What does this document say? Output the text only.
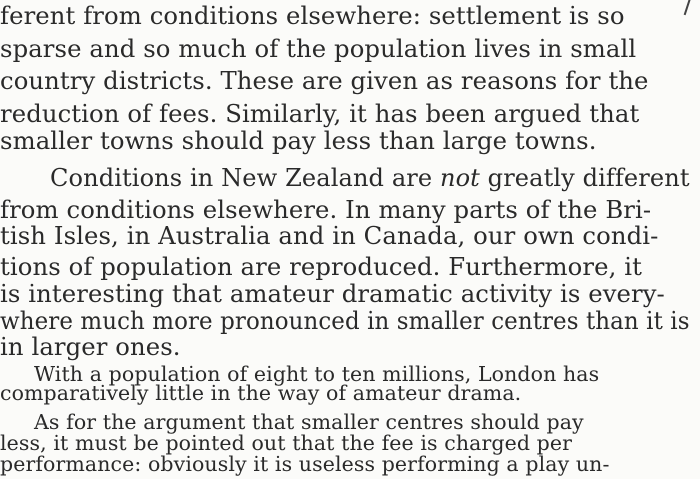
ferent from conditions elsewhere: settlement is so
sparse and so much of the population lives in small
country districts. These are given as reasons for the
reduction of fees. Similarly, it has been argued that
smaller towns should pay less than large towns.
Conditions in New Zealand are not greatly different
from conditions elsewhere. In many parts of the Bri-
tish Isles, in Australia and in Canada, our own condi-
tions of population are reproduced. Furthermore, it
is interesting that amateur dramatic activity is every-
where much more pronounced in smaller centres than it is
in larger ones.
With a population of eight to ten millions, London has
comparatively little in the way of amateur drama.
As for the argument that smaller centres should pay
less, it must be pointed out that the fee is charged per
performance: obviously it is useless performing a play un-
